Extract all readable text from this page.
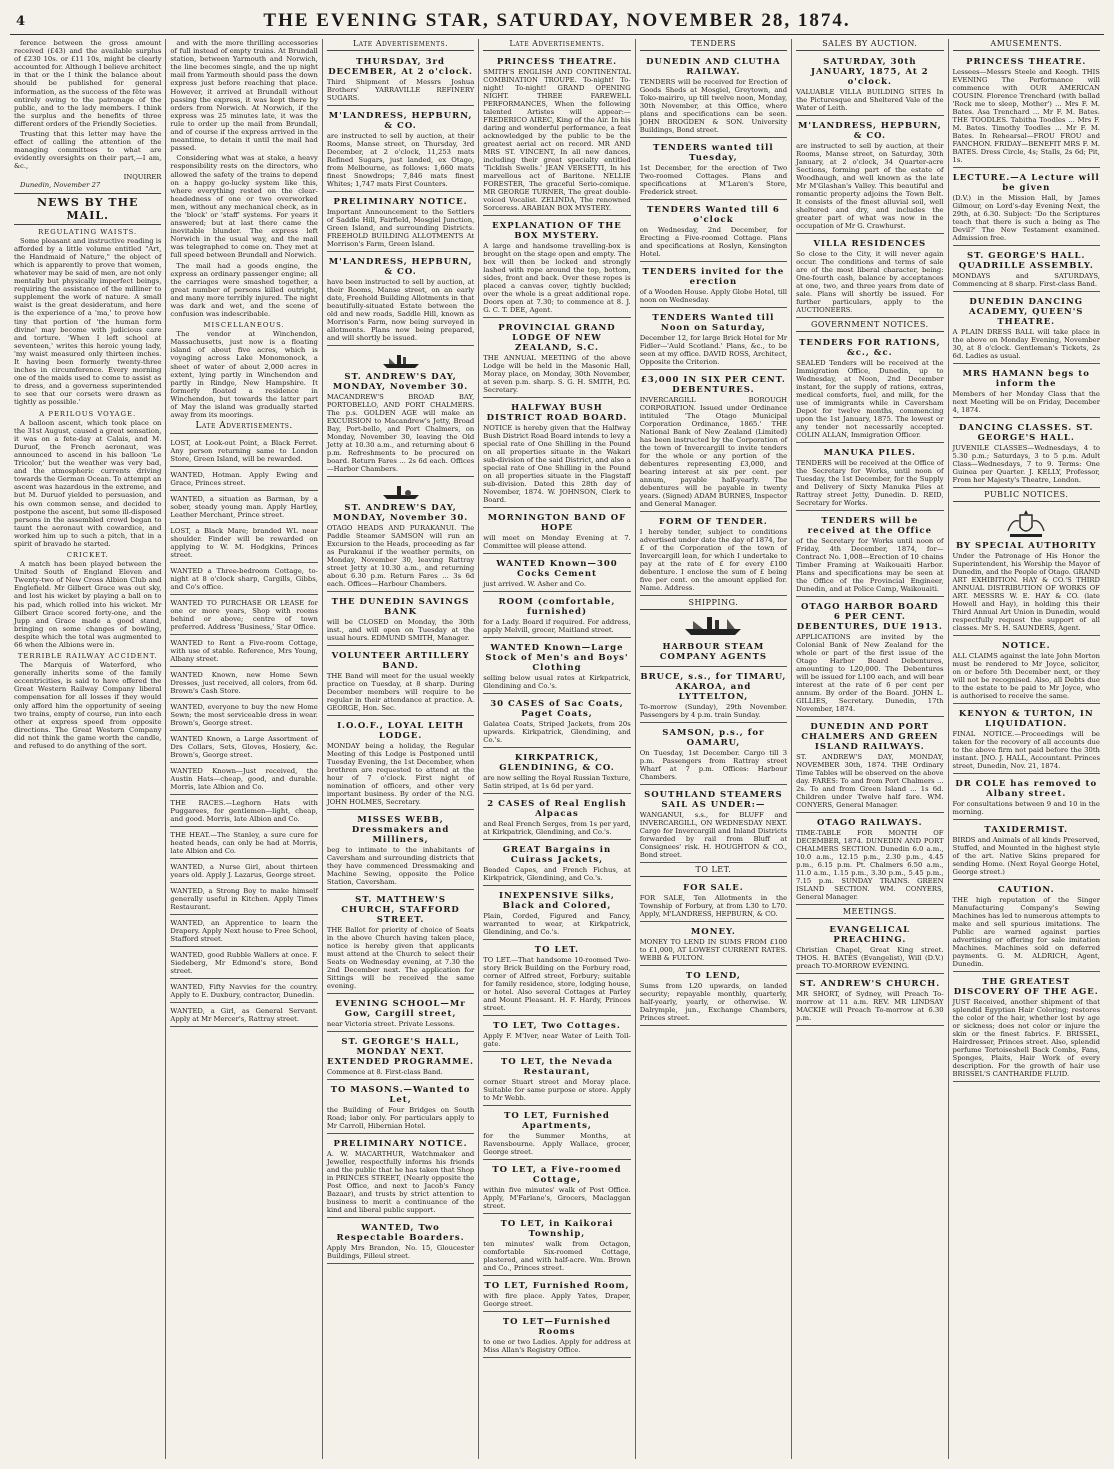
4	THE EVENING STAR, SATURDAY, NOVEMBER 28, 1874.

ference between the gross amount received (£43) and the available surplus of £230 10s. or £11 10s, might be clearly accounted for. Although I believe architect in that or the I think the balance about should be published for general information, as the success of the fête was entirely owing to the patronage of the public, and to the lady members. I think the surplus and the benefits of three different orders of the Friendly Societies.

Trusting that this letter may have the effect of calling the attention of the managing committees to what are evidently oversights on their part,—I am, &c.,

INQUIRER
Dunedin, November 27
NEWS BY THE MAIL.
REGULATING WAISTS.

Some pleasant and instructive reading is afforded by a little volume entitled "Art, the Handmaid of Nature," the object of which is apparently to prove that women, whatever may be said of men, are not only mentally but physically imperfect beings, requiring the assistance of the milliner to supplement the work of nature. A small waist is the great desideratum, and here is the experience of a 'ma,' to prove how tiny that portion of 'the human form divine' may become with judicious care and torture. 'When I left school at seventeen,' writes this heroic young lady, 'my waist measured only thirteen inches. It having been formerly twenty-three inches in circumference. Every morning one of the maids used to come to assist as to dress, and a governess superintended to see that our corsets were drawn as tightly as possible.'

A PERILOUS VOYAGE.

A balloon ascent, which took place on the 31st August, caused a great sensation, it was on a fete-day at Calais, and M. Duruof, the French aeronaut, was announced to ascend in his balloon 'Le Tricolor,' but the weather was very bad, and the atmospheric currents driving towards the German Ocean. To attempt an ascent was hazardous in the extreme, and but M. Duruof yielded to persuasion, and his own common sense, and decided to postpone the ascent, but some ill-disposed persons in the assembled crowd began to taunt the aeronaut with cowardice, and worked him up to such a pitch, that in a spirit of bravado he started.

CRICKET.

A match has been played between the United South of England Eleven and Twenty-two of New Cross Albion Club and Englefield. Mr Gilbert Grace was out sky, and lost his wicket by playing a ball on to his pad, which rolled into his wicket. Mr Gilbert Grace scored forty-one, and the Jupp and Grace made a good stand, bringing on some changes of bowling, despite which the total was augmented to 66 when the Albions were in.

TERRIBLE RAILWAY ACCIDENT.

The Marquis of Waterford, who generally inherits some of the family eccentricities, is said to have offered the Great Western Railway Company liberal compensation for all losses if they would only afford him the opportunity of seeing two trains, empty of course, run into each other at express speed from opposite directions. The Great Western Company did not think the game worth the candle, and refused to do anything of the sort.

and with the more thrilling accessories of full instead of empty trains. At Brundall station, between Yarmouth and Norwich, the line becomes single, and the up night mail from Yarmouth should pass the down express just before reaching that place. However, it arrived at Brundall without passing the express, it was kept there by orders from Norwich. At Norwich, if the express was 25 minutes late, it was the rule to order up the mail from Brundall, and of course if the express arrived in the meantime, to detain it until the mail had passed.

Considering what was at stake, a heavy responsibility rests on the directors, who allowed the safety of the trains to depend on a happy go-lucky system like this, where everything rested on the clear-headedness of one or two overworked men, without any mechanical check, as in the 'block' or 'staff' systems. For years it answered; but at last there came the inevitable blunder. The express left Norwich in the usual way, and the mail was telegraphed to come on. They met at full speed between Brundall and Norwich.

The mail had a goods engine, the express an ordinary passenger engine; all the carriages were smashed together, a great number of persons killed outright, and many more terribly injured. The night was dark and wet, and the scene of confusion was indescribable.

MISCELLANEOUS.

The vendor at Winchendon, Massachusetts, just now is a floating island of about five acres, which is voyaging across Lake Monomonock, a sheet of water of about 2,000 acres in extent, lying partly in Winchendon and partly in Rindge, New Hampshire. It formerly floated a residence in Winchendon, but towards the latter part of May the island was gradually started away from its moorings.

Late Advertisements.
LOST, at Look-out Point, a Black Ferret. Any person returning same to London Store, Green Island, will be rewarded.
WANTED, Hotman. Apply Ewing and Grace, Princes street.
WANTED, a situation as Barman, by a sober, steady young man. Apply Hartley, Leather Merchant, Prince street.
LOST, a Black Mare; branded WL near shoulder. Finder will be rewarded on applying to W. M. Hodgkins, Princes street.
WANTED a Three-bedroom Cottage, to-night at 8 o'clock sharp, Cargills, Gibbs, and Co's office.
WANTED TO PURCHASE OR LEASE for one or more years, Shop with rooms behind or above; centre of town preferred. Address 'Business,' Star Office.
WANTED to Rent a Five-room Cottage, with use of stable. Reference, Mrs Young, Albany street.
WANTED Known, new Home Sewn Dresses, just received, all colors, from 6d. Brown's Cash Store.
WANTED, everyone to buy the new Home Sewn; the most serviceable dress in wear. Brown's, George street.
WANTED Known, a Large Assortment of Drs Collars, Sets, Gloves, Hosiery, &c. Brown's, George street.
WANTED Known—Just received, the Austin Hats—cheap, good, and durable. Morris, late Albion and Co.
THE RACES.—Leghorn Hats with Puggarees, for gentlemen—light, cheap, and good. Morris, late Albion and Co.
THE HEAT.—The Stanley, a sure cure for heated heads, can only be had at Morris, late Albion and Co.
WANTED, a Nurse Girl, about thirteen years old. Apply J. Lazarus, George street.
WANTED, a Strong Boy to make himself generally useful in Kitchen. Apply Times Restaurant.
WANTED, an Apprentice to learn the Drapery. Apply Next house to Free School, Stafford street.
WANTED, good Rubble Wallers at once. F. Siedeberg, Mr Edmond's store, Bond street.
WANTED, Fifty Navvies for the country. Apply to E. Duxbury, contractor, Dunedin.
WANTED, a Girl, as General Servant. Apply at Mr Mercer's, Rattray street.
Late Advertisements.
THURSDAY, 3rd DECEMBER, At 2 o'clock.
Third Shipment of Messrs Joshua Brothers' YARRAVILLE REFINERY SUGARS.
M'LANDRESS, HEPBURN, & CO.
are instructed to sell by auction, at their Rooms, Manse street, on Thursday, 3rd December, at 2 o'clock, 11,253 mats Refined Sugars, just landed, ex Otago, from Melbourne, as follows: 1,660 mats finest Snowdrops; 7,846 mats finest Whites; 1,747 mats First Counters.
PRELIMINARY NOTICE.
Important Announcement to the Settlers of Saddle Hill, Fairfield, Mosgiel Junction, Green Island, and surrounding Districts. FREEHOLD BUILDING ALLOTMENTS At Morrison's Farm, Green Island.
M'LANDRESS, HEPBURN, & CO.
have been instructed to sell by auction, at their Rooms, Manse street, on an early date, Freehold Building Allotments in that beautifully-situated Estate between the old and new roads, Saddle Hill, known as Morrison's Farm, now being surveyed in allotments. Plans now being prepared, and will shortly be issued.
ST. ANDREW'S DAY, MONDAY, November 30.
MACANDREW'S BROAD BAY, PORTOBELLO, AND PORT CHALMERS. The p.s. GOLDEN AGE will make an EXCURSION to Macandrew's Jetty, Broad Bay, Port-bello, and Port Chalmers, on Monday, November 30, leaving the Old Jetty at 10.30 a.m., and returning about 6 p.m. Refreshments to be procured on board. Return Fares ... 2s 6d each. Offices—Harbor Chambers.
ST. ANDREW'S DAY, MONDAY, November 30.
OTAGO HEADS AND PURAKANUI. The Paddle Steamer SAMSON will run an Excursion to the Heads, proceeding as far as Purakanui if the weather permits, on Monday, November 30, leaving Rattray street Jetty at 10.30 a.m., and returning about 6.30 p.m. Return Fares ... 3s 6d each. Offices—Harbour Chambers.
THE DUNEDIN SAVINGS BANK
will be CLOSED on Monday, the 30th inst., and will open on Tuesday at the usual hours. EDMUND SMITH, Manager.
VOLUNTEER ARTILLERY BAND.
THE Band will meet for the usual weekly practice on Tuesday, at 8 sharp. During December members will require to be regular in their attendance at practice. A. GEORGE, Hon. Sec.
I.O.O.F., LOYAL LEITH LODGE.
MONDAY being a holiday, the Regular Meeting of this Lodge is Postponed until Tuesday Evening, the 1st December, when brethren are requested to attend at the hour of 7 o'clock. First night of nomination of officers, and other very important business. By order of the N.G. JOHN HOLMES, Secretary.
MISSES WEBB, Dressmakers and Milliners,
beg to intimate to the inhabitants of Caversham and surrounding districts that they have commenced Dressmaking and Machine Sewing, opposite the Police Station, Caversham.
ST. MATTHEW'S CHURCH, STAFFORD STREET.
THE Ballot for priority of choice of Seats in the above Church having taken place, notice is hereby given that applicants must attend at the Church to select their Seats on Wednesday evening, at 7.30 the 2nd December next. The application for Sittings will be received the same evening.
EVENING SCHOOL—Mr Gow, Cargill street,
near Victoria street. Private Lessons.
ST. GEORGE'S HALL, MONDAY NEXT. EXTENDED PROGRAMME.
Commence at 8. First-class Band.
TO MASONS.—Wanted to Let,
the Building of Four Bridges on South Road; labor only. For particulars apply to Mr Carroll, Hibernian Hotel.
PRELIMINARY NOTICE.
A. W. MACARTHUR, Watchmaker and Jeweller, respectfully informs his friends and the public that he has taken that Shop in PRINCES STREET, (Nearly opposite the Post Office, and next to Jacob's Fancy Bazaar), and trusts by strict attention to business to merit a continuance of the kind and liberal public support.
WANTED, Two Respectable Boarders.
Apply Mrs Brandon, No. 15, Gloucester Buildings, Filleul street.
Late Advertisements.
PRINCESS THEATRE.
SMITH'S ENGLISH AND CONTINENTAL COMBINATION TROUPE. To-night! To-night! To-night! GRAND OPENING NIGHT. THREE FAREWELL PERFORMANCES, When the following talented Artistes will appear:— FREDERICO AIREC, King of the Air. In his daring and wonderful performance, a feat acknowledged by the public to be the greatest aerial act on record. MR AND MRS ST. VINCENT, In all new dances, including their great specialty entitled 'Ticklish Swells.' JEAN VERSETTI, In his marvellous act of Baritone. NELLIE FORESTER, The graceful Serio-comique. MR GEORGE TURNER, The great double-voiced Vocalist. ZELINDA, The renowned Sorceress. ARABIAN BOX MYSTERY.
EXPLANATION OF THE BOX MYSTERY.
A large and handsome travelling-box is brought on the stage open and empty. The box will then be locked and strongly lashed with rope around the top, bottom, sides, front and back. Over these ropes is placed a canvas cover, tightly buckled; over the whole is a great additional rope. Doors open at 7.30; to commence at 8. J. G. C. T. DEE, Agent.
PROVINCIAL GRAND LODGE OF NEW ZEALAND, S.C.
THE ANNUAL MEETING of the above Lodge will be held in the Masonic Hall, Moray place, on Monday, 30th November, at seven p.m. sharp. S. G. H. SMITH, P.G. Secretary.
HALFWAY BUSH DISTRICT ROAD BOARD.
NOTICE is hereby given that the Halfway Bush District Road Board intends to levy a special rate of One Shilling in the Pound on all properties situate in the Wakari sub-division of the said District, and also a special rate of One Shilling in the Pound on all properties situate in the Flagstaff sub-division. Dated this 28th day of November, 1874. W. JOHNSON, Clerk to Board.
MORNINGTON BAND OF HOPE
will meet on Monday Evening at 7. Committee will please attend.
WANTED Known—300 Cocks Cement
just arrived. W. Asher and Co.
ROOM (comfortable, furnished)
for a Lady. Board if required. For address, apply Melvill, grocer, Maitland street.
WANTED Known—Large Stock of Men's and Boys' Clothing
selling below usual rates at Kirkpatrick, Glendining and Co.'s.
30 CASES of Sac Coats, Paget Coats,
Galatea Coats, Striped Jackets, from 20s upwards. Kirkpatrick, Glendining, and Co.'s.
KIRKPATRICK, GLENDINING, & CO.
are now selling the Royal Russian Texture, Satin striped, at 1s 6d per yard.
2 CASES of Real English Alpacas
and Real French Serges, from 1s per yard, at Kirkpatrick, Glendining, and Co.'s.
GREAT Bargains in Cuirass Jackets,
Beaded Capes, and French Fichus, at Kirkpatrick, Glendining, and Co.'s.
INEXPENSIVE Silks, Black and Colored,
Plain, Corded, Figured and Fancy, warranted to wear, at Kirkpatrick, Glendining, and Co.'s.
TO LET.
TO LET.—That handsome 10-roomed Two-story Brick Building on the Forbury road, corner of Alfred street, Forbury; suitable for family residence, store, lodging house, or hotel. Also several Cottages at Parley and Mount Pleasant. H. F. Hardy, Princes street.
TO LET, Two Cottages.
Apply F. M'Iver, near Water of Leith Toll-gate.
TO LET, the Nevada Restaurant,
corner Stuart street and Moray place. Suitable for same purpose or store. Apply to Mr Webb.
TO LET, Furnished Apartments,
for the Summer Months, at Ravensbourne. Apply Wallace, grocer, George street.
TO LET, a Five-roomed Cottage,
within five minutes' walk of Post Office. Apply, M'Farlane's, Grocers, Maclaggan street.
TO LET, in Kaikorai Township,
ten minutes' walk from Octagon, comfortable Six-roomed Cottage, plastered, and with half-acre. Wm. Brown and Co., Princes street.
TO LET, Furnished Room,
with fire place. Apply Yates, Draper, George street.
TO LET—Furnished Rooms
to one or two Ladies. Apply for address at Miss Allan's Registry Office.
TENDERS
DUNEDIN AND CLUTHA RAILWAY.
TENDERS will be received for Erection of Goods Sheds at Mosgiel, Greytown, and Toko-mairiro, up till twelve noon, Monday, 30th November, at this Office, where plans and specifications can be seen. JOHN BROGDEN & SON. University Buildings, Bond street.
TENDERS wanted till Tuesday,
1st December, for the erection of Two Two-roomed Cottages. Plans and specifications at M'Laren's Store, Frederick street.
TENDERS Wanted till 6 o'clock
on Wednesday, 2nd December, for Erecting a Five-roomed Cottage. Plans and specifications at Roslyn, Kensington Hotel.
TENDERS invited for the erection
of a Wooden House. Apply Globe Hotel, till noon on Wednesday.
TENDERS Wanted till Noon on Saturday,
December 12, for large Brick Hotel for Mr Fidler—'Auld Scotland.' Plans, &c., to be seen at my office. DAVID ROSS, Architect, Opposite the Criterion.
£3,000 IN SIX PER CENT. DEBENTURES.
INVERCARGILL BOROUGH CORPORATION. Issued under Ordinance intituled 'The Otago Municipal Corporation Ordinance, 1865.' THE National Bank of New Zealand (Limited) has been instructed by the Corporation of the town of Invercargill to invite tenders for the whole or any portion of the debentures representing £3,000, and bearing interest at six per cent. per annum, payable half-yearly. The debentures will be payable in twenty years. (Signed) ADAM BURNES, Inspector and General Manager.
FORM OF TENDER.
I hereby tender, subject to conditions advertised under date the day of 1874, for £ of the Corporation of the town of Invercargill loan, for which I undertake to pay at the rate of £ for every £100 debenture. I enclose the sum of £ being five per cent. on the amount applied for. Name. Address.
SHIPPING.
HARBOUR STEAM COMPANY AGENTS
BRUCE, s.s., for TIMARU, AKAROA, and LYTTELTON,
To-morrow (Sunday), 29th November. Passengers by 4 p.m. train Sunday.
SAMSON, p.s., for OAMARU,
On Tuesday, 1st December. Cargo till 3 p.m. Passengers from Rattray street Wharf at 7 p.m. Offices: Harbour Chambers.
SOUTHLAND STEAMERS SAIL AS UNDER:—
WANGANUI, s.s., for BLUFF and INVERCARGILL, ON WEDNESDAY NEXT. Cargo for Invercargill and Inland Districts forwarded by rail from Bluff at Consignees' risk. H. HOUGHTON & CO., Bond street.
TO LET.
FOR SALE.
FOR SALE, Ten Allotments in the Township of Forbury, at from L30 to L70. Apply, M'LANDRESS, HEPBURN, & CO.
MONEY.
MONEY TO LEND IN SUMS FROM £100 to £1,000, AT LOWEST CURRENT RATES. WEBB & FULTON.
TO LEND,
Sums from L20 upwards, on landed security; repayable monthly, quarterly, half-yearly, yearly, or otherwise. W. Dalrymple, jun., Exchange Chambers, Princes street.
SALES BY AUCTION.
SATURDAY, 30th JANUARY, 1875, At 2 o'clock.
VALUABLE VILLA BUILDING SITES In the Picturesque and Sheltered Vale of the Water of Leith.
M'LANDRESS, HEPBURN, & CO.
are instructed to sell by auction, at their Rooms, Manse street, on Saturday, 30th January, at 2 o'clock, 34 Quarter-acre Sections, forming part of the estate of Woodhaugh, and well known as the late Mr M'Glashan's Valley. This beautiful and romantic property adjoins the Town Belt. It consists of the finest alluvial soil, well sheltered and dry, and includes the greater part of what was now in the occupation of Mr G. Crawhurst.
VILLA RESIDENCES
So close to the City, it will never again occur. The conditions and terms of sale are of the most liberal character, being: One-fourth cash, balance by acceptances at one, two, and three years from date of sale. Plans will shortly be issued. For further particulars, apply to the AUCTIONEERS.
GOVERNMENT NOTICES.
TENDERS FOR RATIONS, &c., &c.
SEALED Tenders will be received at the Immigration Office, Dunedin, up to Wednesday, at Noon, 2nd December instant, for the supply of rations, extras, medical comforts, fuel, and milk, for the use of immigrants while in Caversham Depot for twelve months, commencing upon the 1st January, 1875. The lowest or any tender not necessarily accepted. COLIN ALLAN, Immigration Officer.
MANUKA PILES.
TENDERS will be received at the Office of the Secretary for Works, until noon of Tuesday, the 1st December, for the Supply and Delivery of Sixty Manuka Piles at Rattray street Jetty, Dunedin. D. REID, Secretary for Works.
TENDERS will be received at the Office
of the Secretary for Works until noon of Friday, 4th December, 1874, for— Contract No. 1,008—Erection of 10 chains Timber Framing at Waikouaiti Harbor. Plans and specifications may be seen at the Office of the Provincial Engineer, Dunedin, and at Police Camp, Waikouaiti.
OTAGO HARBOR BOARD 6 PER CENT. DEBENTURES, DUE 1913.
APPLICATIONS are invited by the Colonial Bank of New Zealand for the whole or part of the first issue of the Otago Harbor Board Debentures, amounting to L20,000. The Debentures will be issued for L100 each, and will bear interest at the rate of 6 per cent per annum. By order of the Board. JOHN L. GILLIES, Secretary. Dunedin, 17th November, 1874.
DUNEDIN AND PORT CHALMERS AND GREEN ISLAND RAILWAYS.
ST. ANDREW'S DAY, MONDAY, NOVEMBER 30th, 1874. THE Ordinary Time Tables will be observed on the above day. FARES: To and from Port Chalmers ... 2s. To and from Green Island ... 1s 6d. Children under Twelve half fare. WM. CONYERS, General Manager.
OTAGO RAILWAYS.
TIME-TABLE FOR MONTH OF DECEMBER, 1874. DUNEDIN AND PORT CHALMERS SECTION. Dunedin 6.0 a.m., 10.0 a.m., 12.15 p.m., 2.30 p.m., 4.45 p.m., 6.15 p.m. Pt. Chalmers 6.50 a.m., 11.0 a.m., 1.15 p.m., 3.30 p.m., 5.45 p.m., 7.15 p.m. SUNDAY TRAINS. GREEN ISLAND SECTION. WM. CONYERS, General Manager.
MEETINGS.
EVANGELICAL PREACHING.
Christian Chapel, Great King street. THOS. H. BATES (Evangelist), Will (D.V.) preach TO-MORROW EVENING.
ST. ANDREW'S CHURCH.
MR SHORT, of Sydney, will Preach To-morrow at 11 a.m. REV. MR LINDSAY MACKIE will Preach To-morrow at 6.30 p.m.
AMUSEMENTS.
PRINCESS THEATRE.
Lessees—Messrs Steele and Keogh. THIS EVENING The Performance will commence with OUR AMERICAN COUSIN. Florence Trenchard (with ballad 'Rock me to sleep, Mother') ... Mrs F. M. Bates. Asa Trenchard ... Mr F. M. Bates. THE TOODLES. Tabitha Toodles ... Mrs F. M. Bates. Timothy Toodles ... Mr F. M. Bates. In Rehearsal—FROU FROU and FANCHON. FRIDAY—BENEFIT MRS F. M. BATES. Dress Circle, 4s; Stalls, 2s 6d; Pit, 1s.
LECTURE.—A Lecture will be given
(D.V.) in the Mission Hall, by James Gilmour, on Lord's-day Evening Next, the 29th, at 6.30. Subject: 'Do the Scriptures teach that there is such a being as The Devil?' The New Testament examined. Admission free.
ST. GEORGE'S HALL. QUADRILLE ASSEMBLY.
MONDAYS and SATURDAYS, Commencing at 8 sharp. First-class Band.
DUNEDIN DANCING ACADEMY, QUEEN'S THEATRE.
A PLAIN DRESS BALL will take place in the above on Monday Evening, November 30, at 8 o'clock. Gentleman's Tickets, 2s 6d. Ladies as usual.
MRS HAMANN begs to inform the
Members of her Monday Class that the next Meeting will be on Friday, December 4, 1874.
DANCING CLASSES. ST. GEORGE'S HALL.
JUVENILE CLASSES—Wednesdays, 4 to 5.30 p.m.; Saturdays, 3 to 5 p.m. Adult Class—Wednesdays, 7 to 9. Terms: One Guinea per Quarter. J. KELLY, Professor, From her Majesty's Theatre, London.
PUBLIC NOTICES.
BY SPECIAL AUTHORITY
Under the Patronage of His Honor the Superintendent, his Worship the Mayor of Dunedin, and the People of Otago. GRAND ART EXHIBITION. HAY & CO.'S THIRD ANNUAL DISTRIBUTION OF WORKS OF ART. MESSRS W. E. HAY & CO. (late Howell and Hay), in holding this their Third Annual Art Union in Dunedin, would respectfully request the support of all classes. Mr S. H. SAUNDERS, Agent.
NOTICE.
ALL CLAIMS against the late John Morton must be rendered to Mr Joyce, solicitor, on or before 5th December next, or they will not be recognised. Also, all Debts due to the estate to be paid to Mr Joyce, who is authorised to receive the same.
KENYON & TURTON, IN LIQUIDATION.
FINAL NOTICE.—Proceedings will be taken for the recovery of all accounts due to the above firm not paid before the 30th instant. JNO. J. HALL, Accountant. Princes street, Dunedin, Nov. 21, 1874.
DR COLE has removed to Albany street.
For consultations between 9 and 10 in the morning.
TAXIDERMIST.
BIRDS and Animals of all kinds Preserved, Stuffed, and Mounted in the highest style of the art. Native Skins prepared for sending Home. (Next Royal George Hotel, George street.)
CAUTION.
THE high reputation of the Singer Manufacturing Company's Sewing Machines has led to numerous attempts to make and sell spurious imitations. The Public are warned against parties advertising or offering for sale imitation Machines. Machines sold on deferred payments. G. M. ALDRICH, Agent, Dunedin.
THE GREATEST DISCOVERY OF THE AGE.
JUST Received, another shipment of that splendid Egyptian Hair Coloring; restores the color of the hair, whether lost by age or sickness; does not color or injure the skin or the finest fabrics. F. BRISSEL, Hairdresser, Princes street. Also, splendid perfume Tortoiseshell Back Combs, Fans, Sponges, Plaits, Hair Work of every description. For the growth of hair use BRISSEL'S CANTHARIDE FLUID.
